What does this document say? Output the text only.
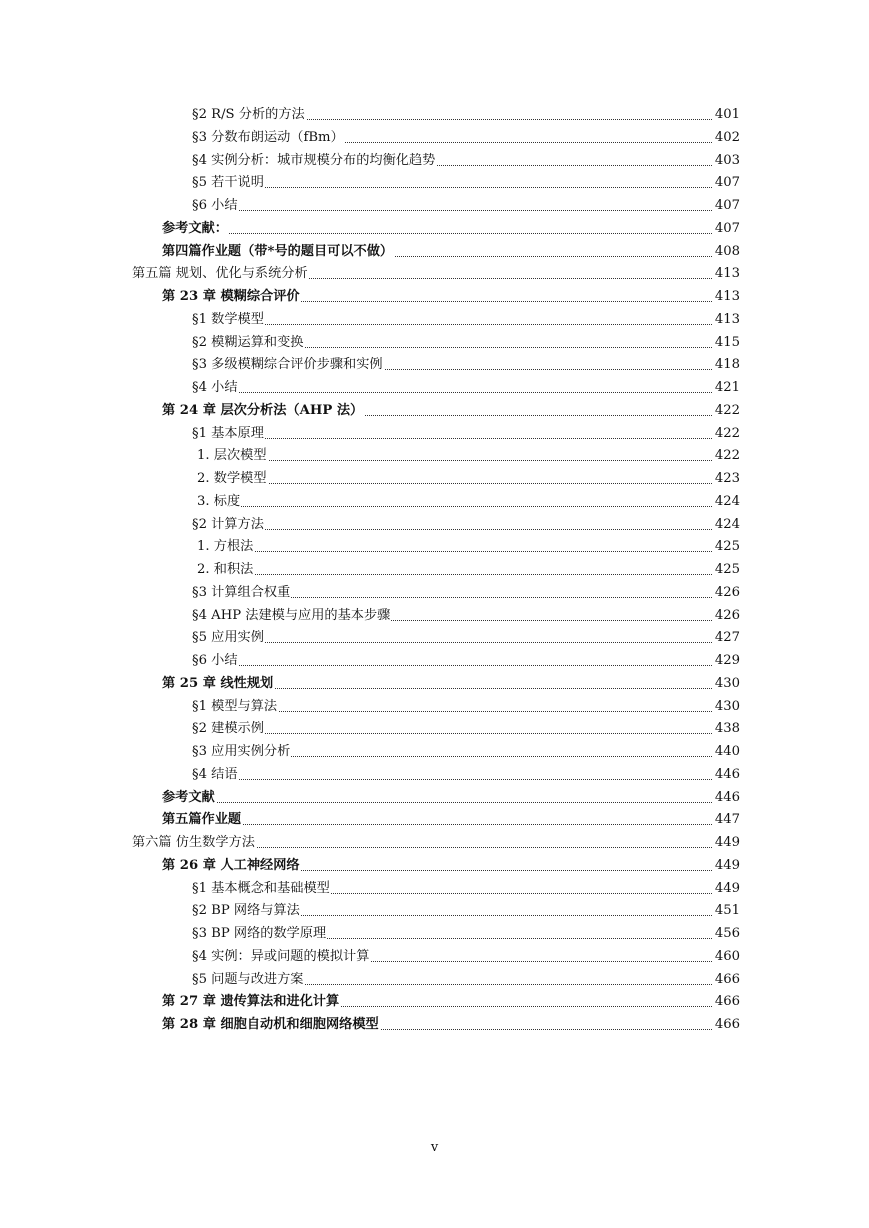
§2 R/S 分析的方法	401
§3 分数布朗运动（fBm）	402
§4 实例分析：城市规模分布的均衡化趋势	403
§5 若干说明	407
§6 小结	407
参考文献：	407
第四篇作业题（带*号的题目可以不做）	408
第五篇 规划、优化与系统分析	413
第 23 章 模糊综合评价	413
§1 数学模型	413
§2 模糊运算和变换	415
§3 多级模糊综合评价步骤和实例	418
§4 小结	421
第 24 章 层次分析法（AHP 法）	422
§1 基本原理	422
1. 层次模型	422
2. 数学模型	423
3. 标度	424
§2 计算方法	424
1. 方根法	425
2. 和积法	425
§3 计算组合权重	426
§4 AHP 法建模与应用的基本步骤	426
§5 应用实例	427
§6 小结	429
第 25 章 线性规划	430
§1 模型与算法	430
§2 建模示例	438
§3 应用实例分析	440
§4 结语	446
参考文献	446
第五篇作业题	447
第六篇 仿生数学方法	449
第 26 章 人工神经网络	449
§1 基本概念和基础模型	449
§2 BP 网络与算法	451
§3 BP 网络的数学原理	456
§4 实例：异或问题的模拟计算	460
§5 问题与改进方案	466
第 27 章 遗传算法和进化计算	466
第 28 章 细胞自动机和细胞网络模型	466
v
